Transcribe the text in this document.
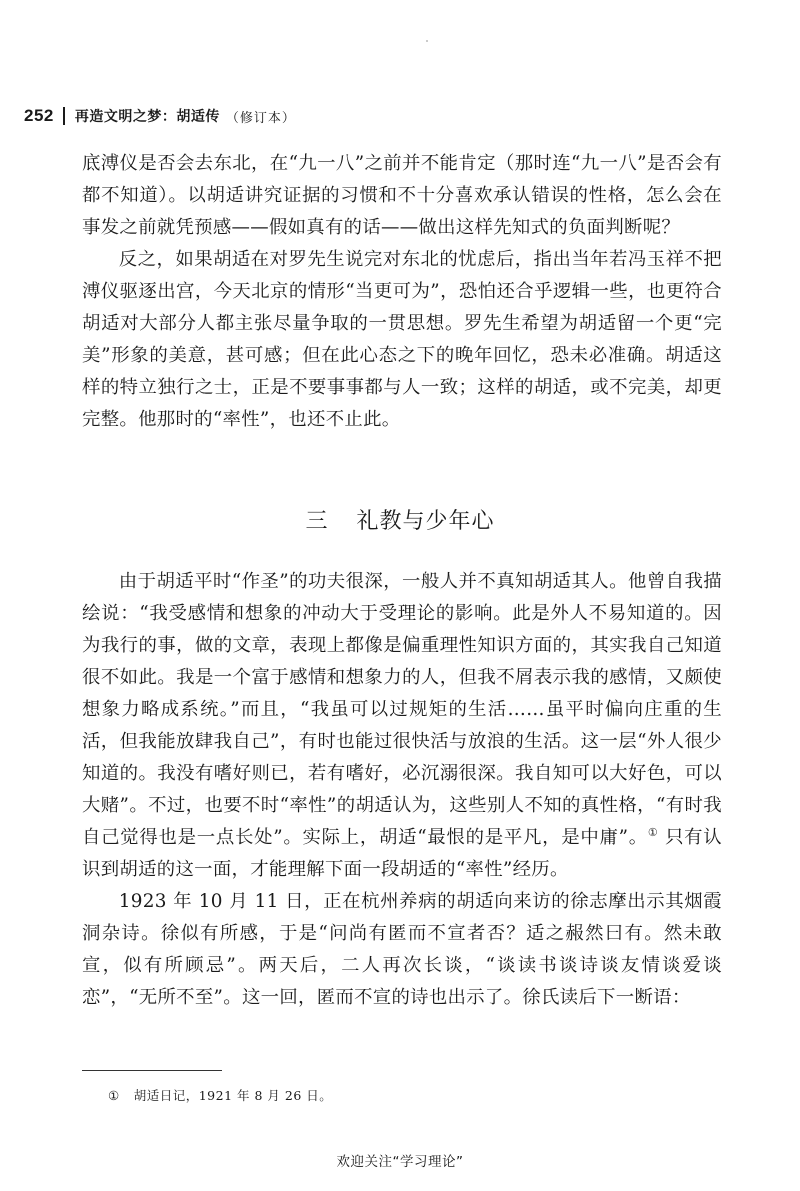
252 再造文明之梦：胡适传 （修订本）

底溥仪是否会去东北，在“九一八”之前并不能肯定（那时连“九一八”是否会有都不知道）。以胡适讲究证据的习惯和不十分喜欢承认错误的性格，怎么会在事发之前就凭预感——假如真有的话——做出这样先知式的负面判断呢？

反之，如果胡适在对罗先生说完对东北的忧虑后，指出当年若冯玉祥不把溥仪驱逐出宫，今天北京的情形“当更可为”，恐怕还合乎逻辑一些，也更符合胡适对大部分人都主张尽量争取的一贯思想。罗先生希望为胡适留一个更“完美”形象的美意，甚可感；但在此心态之下的晚年回忆，恐未必准确。胡适这样的特立独行之士，正是不要事事都与人一致；这样的胡适，或不完美，却更完整。他那时的“率性”，也还不止此。

三 礼教与少年心

由于胡适平时“作圣”的功夫很深，一般人并不真知胡适其人。他曾自我描绘说：“我受感情和想象的冲动大于受理论的影响。此是外人不易知道的。因为我行的事，做的文章，表现上都像是偏重理性知识方面的，其实我自己知道很不如此。我是一个富于感情和想象力的人，但我不屑表示我的感情，又颇使想象力略成系统。”而且，“我虽可以过规矩的生活……虽平时偏向庄重的生活，但我能放肆我自己”，有时也能过很快活与放浪的生活。这一层“外人很少知道的。我没有嗜好则已，若有嗜好，必沉溺很深。我自知可以大好色，可以大赌”。不过，也要不时“率性”的胡适认为，这些别人不知的真性格，“有时我自己觉得也是一点长处”。实际上，胡适“最恨的是平凡，是中庸”。① 只有认识到胡适的这一面，才能理解下面一段胡适的“率性”经历。

1923 年 10 月 11 日，正在杭州养病的胡适向来访的徐志摩出示其烟霞洞杂诗。徐似有所感，于是“问尚有匿而不宣者否？适之赧然曰有。然未敢宣，似有所顾忌”。两天后，二人再次长谈，“谈读书谈诗谈友情谈爱谈恋”，“无所不至”。这一回，匿而不宣的诗也出示了。徐氏读后下一断语：

① 胡适日记，1921 年 8 月 26 日。
欢迎关注“学习理论”
